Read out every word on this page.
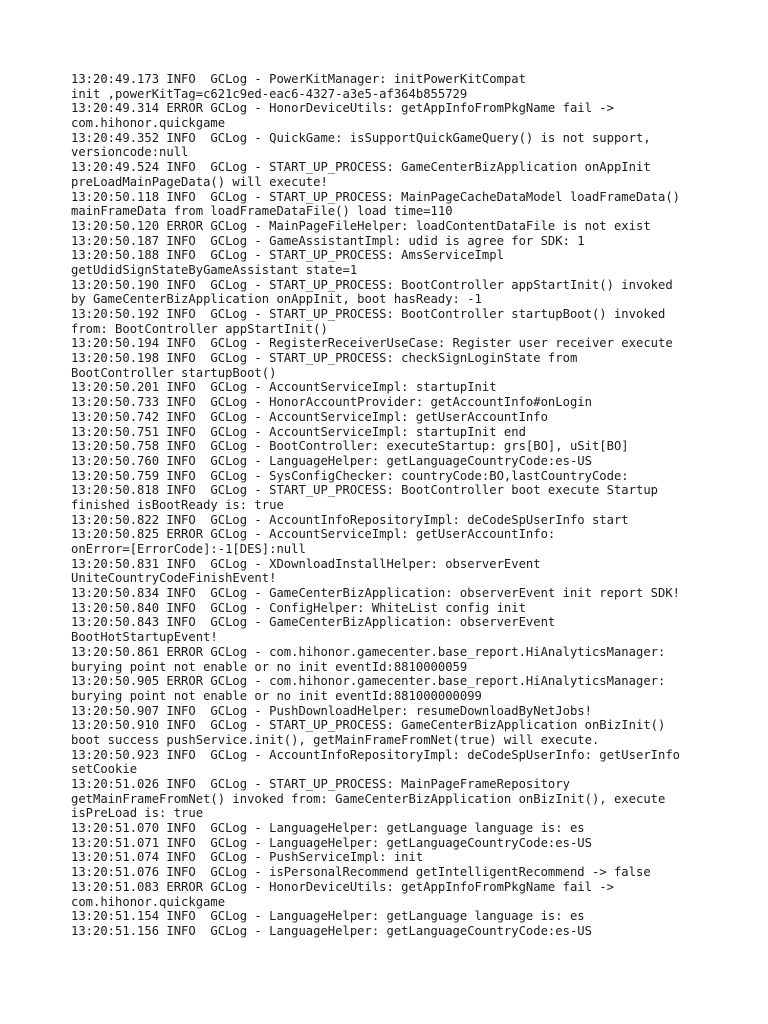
13:20:49.173 INFO  GCLog - PowerKitManager: initPowerKitCompat
init ,powerKitTag=c621c9ed-eac6-4327-a3e5-af364b855729
13:20:49.314 ERROR GCLog - HonorDeviceUtils: getAppInfoFromPkgName fail ->
com.hihonor.quickgame
13:20:49.352 INFO  GCLog - QuickGame: isSupportQuickGameQuery() is not support,
versioncode:null
13:20:49.524 INFO  GCLog - START_UP_PROCESS: GameCenterBizApplication onAppInit
preLoadMainPageData() will execute!
13:20:50.118 INFO  GCLog - START_UP_PROCESS: MainPageCacheDataModel loadFrameData()
mainFrameData from loadFrameDataFile() load time=110
13:20:50.120 ERROR GCLog - MainPageFileHelper: loadContentDataFile is not exist
13:20:50.187 INFO  GCLog - GameAssistantImpl: udid is agree for SDK: 1
13:20:50.188 INFO  GCLog - START_UP_PROCESS: AmsServiceImpl
getUdidSignStateByGameAssistant state=1
13:20:50.190 INFO  GCLog - START_UP_PROCESS: BootController appStartInit() invoked
by GameCenterBizApplication onAppInit, boot hasReady: -1
13:20:50.192 INFO  GCLog - START_UP_PROCESS: BootController startupBoot() invoked
from: BootController appStartInit()
13:20:50.194 INFO  GCLog - RegisterReceiverUseCase: Register user receiver execute
13:20:50.198 INFO  GCLog - START_UP_PROCESS: checkSignLoginState from
BootController startupBoot()
13:20:50.201 INFO  GCLog - AccountServiceImpl: startupInit
13:20:50.733 INFO  GCLog - HonorAccountProvider: getAccountInfo#onLogin
13:20:50.742 INFO  GCLog - AccountServiceImpl: getUserAccountInfo
13:20:50.751 INFO  GCLog - AccountServiceImpl: startupInit end
13:20:50.758 INFO  GCLog - BootController: executeStartup: grs[BO], uSit[BO]
13:20:50.760 INFO  GCLog - LanguageHelper: getLanguageCountryCode:es-US
13:20:50.759 INFO  GCLog - SysConfigChecker: countryCode:BO,lastCountryCode:
13:20:50.818 INFO  GCLog - START_UP_PROCESS: BootController boot execute Startup
finished isBootReady is: true
13:20:50.822 INFO  GCLog - AccountInfoRepositoryImpl: deCodeSpUserInfo start
13:20:50.825 ERROR GCLog - AccountServiceImpl: getUserAccountInfo:
onError=[ErrorCode]:-1[DES]:null
13:20:50.831 INFO  GCLog - XDownloadInstallHelper: observerEvent
UniteCountryCodeFinishEvent!
13:20:50.834 INFO  GCLog - GameCenterBizApplication: observerEvent init report SDK!
13:20:50.840 INFO  GCLog - ConfigHelper: WhiteList config init
13:20:50.843 INFO  GCLog - GameCenterBizApplication: observerEvent
BootHotStartupEvent!
13:20:50.861 ERROR GCLog - com.hihonor.gamecenter.base_report.HiAnalyticsManager:
burying point not enable or no init eventId:8810000059
13:20:50.905 ERROR GCLog - com.hihonor.gamecenter.base_report.HiAnalyticsManager:
burying point not enable or no init eventId:881000000099
13:20:50.907 INFO  GCLog - PushDownloadHelper: resumeDownloadByNetJobs!
13:20:50.910 INFO  GCLog - START_UP_PROCESS: GameCenterBizApplication onBizInit()
boot success pushService.init(), getMainFrameFromNet(true) will execute.
13:20:50.923 INFO  GCLog - AccountInfoRepositoryImpl: deCodeSpUserInfo: getUserInfo
setCookie
13:20:51.026 INFO  GCLog - START_UP_PROCESS: MainPageFrameRepository
getMainFrameFromNet() invoked from: GameCenterBizApplication onBizInit(), execute
isPreLoad is: true
13:20:51.070 INFO  GCLog - LanguageHelper: getLanguage language is: es
13:20:51.071 INFO  GCLog - LanguageHelper: getLanguageCountryCode:es-US
13:20:51.074 INFO  GCLog - PushServiceImpl: init
13:20:51.076 INFO  GCLog - isPersonalRecommend getIntelligentRecommend -> false
13:20:51.083 ERROR GCLog - HonorDeviceUtils: getAppInfoFromPkgName fail ->
com.hihonor.quickgame
13:20:51.154 INFO  GCLog - LanguageHelper: getLanguage language is: es
13:20:51.156 INFO  GCLog - LanguageHelper: getLanguageCountryCode:es-US
